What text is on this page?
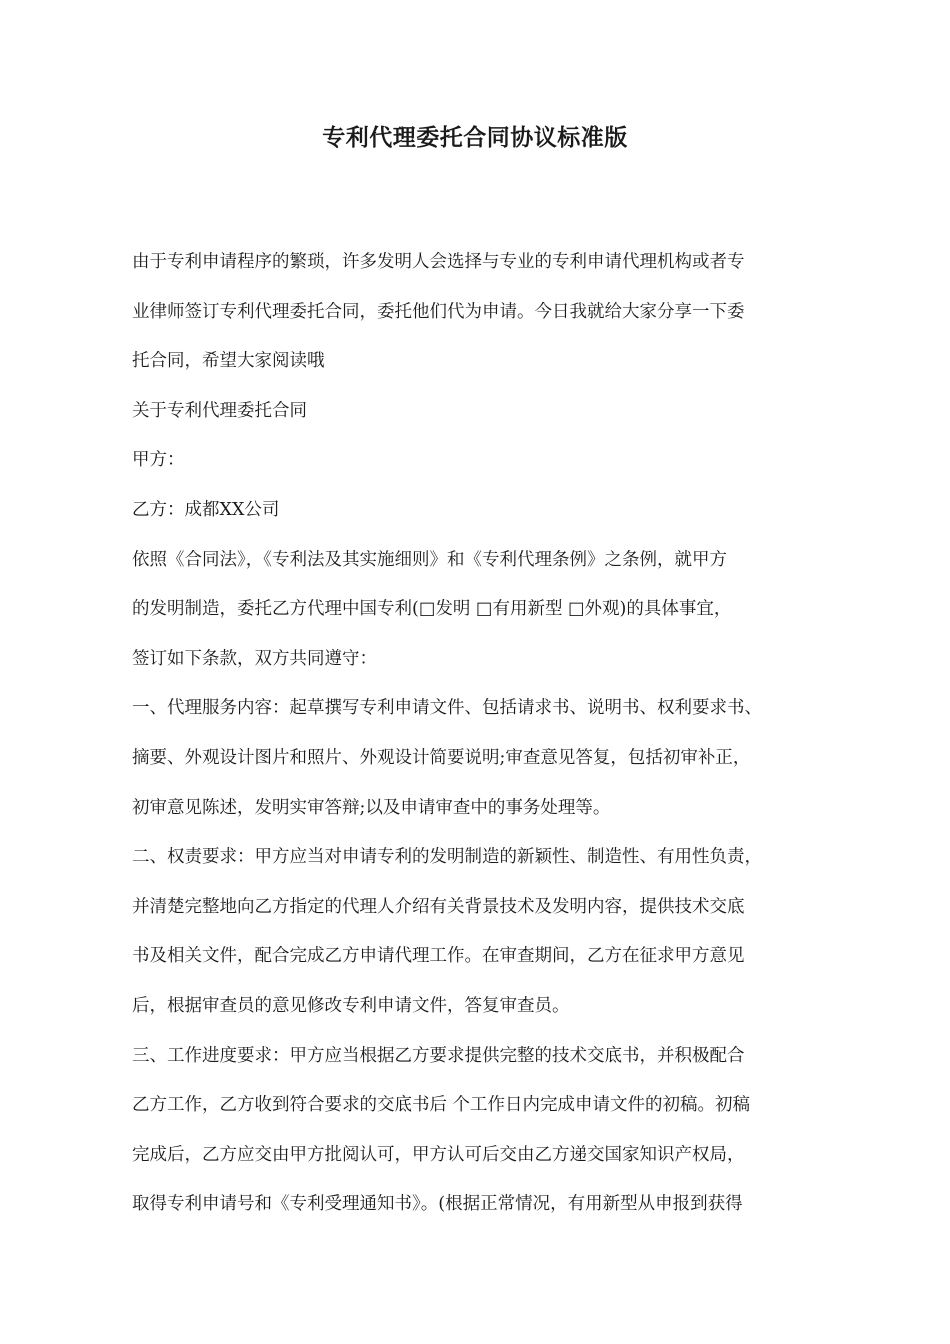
专利代理委托合同协议标准版
由于专利申请程序的繁琐，许多发明人会选择与专业的专利申请代理机构或者专
业律师签订专利代理委托合同，委托他们代为申请。今日我就给大家分享一下委
托合同，希望大家阅读哦
关于专利代理委托合同
甲方：
乙方：成都XX公司
依照《合同法》，《专利法及其实施细则》和《专利代理条例》之条例，就甲方
的发明制造，委托乙方代理中国专利(□发明 □有用新型 □外观)的具体事宜，
签订如下条款，双方共同遵守：
一、代理服务内容：起草撰写专利申请文件、包括请求书、说明书、权利要求书、
摘要、外观设计图片和照片、外观设计简要说明;审查意见答复，包括初审补正，
初审意见陈述，发明实审答辩;以及申请审查中的事务处理等。
二、权责要求：甲方应当对申请专利的发明制造的新颖性、制造性、有用性负责，
并清楚完整地向乙方指定的代理人介绍有关背景技术及发明内容，提供技术交底
书及相关文件，配合完成乙方申请代理工作。在审查期间，乙方在征求甲方意见
后，根据审查员的意见修改专利申请文件，答复审查员。
三、工作进度要求：甲方应当根据乙方要求提供完整的技术交底书，并积极配合
乙方工作，乙方收到符合要求的交底书后 个工作日内完成申请文件的初稿。初稿
完成后，乙方应交由甲方批阅认可，甲方认可后交由乙方递交国家知识产权局，
取得专利申请号和《专利受理通知书》。(根据正常情况，有用新型从申报到获得
